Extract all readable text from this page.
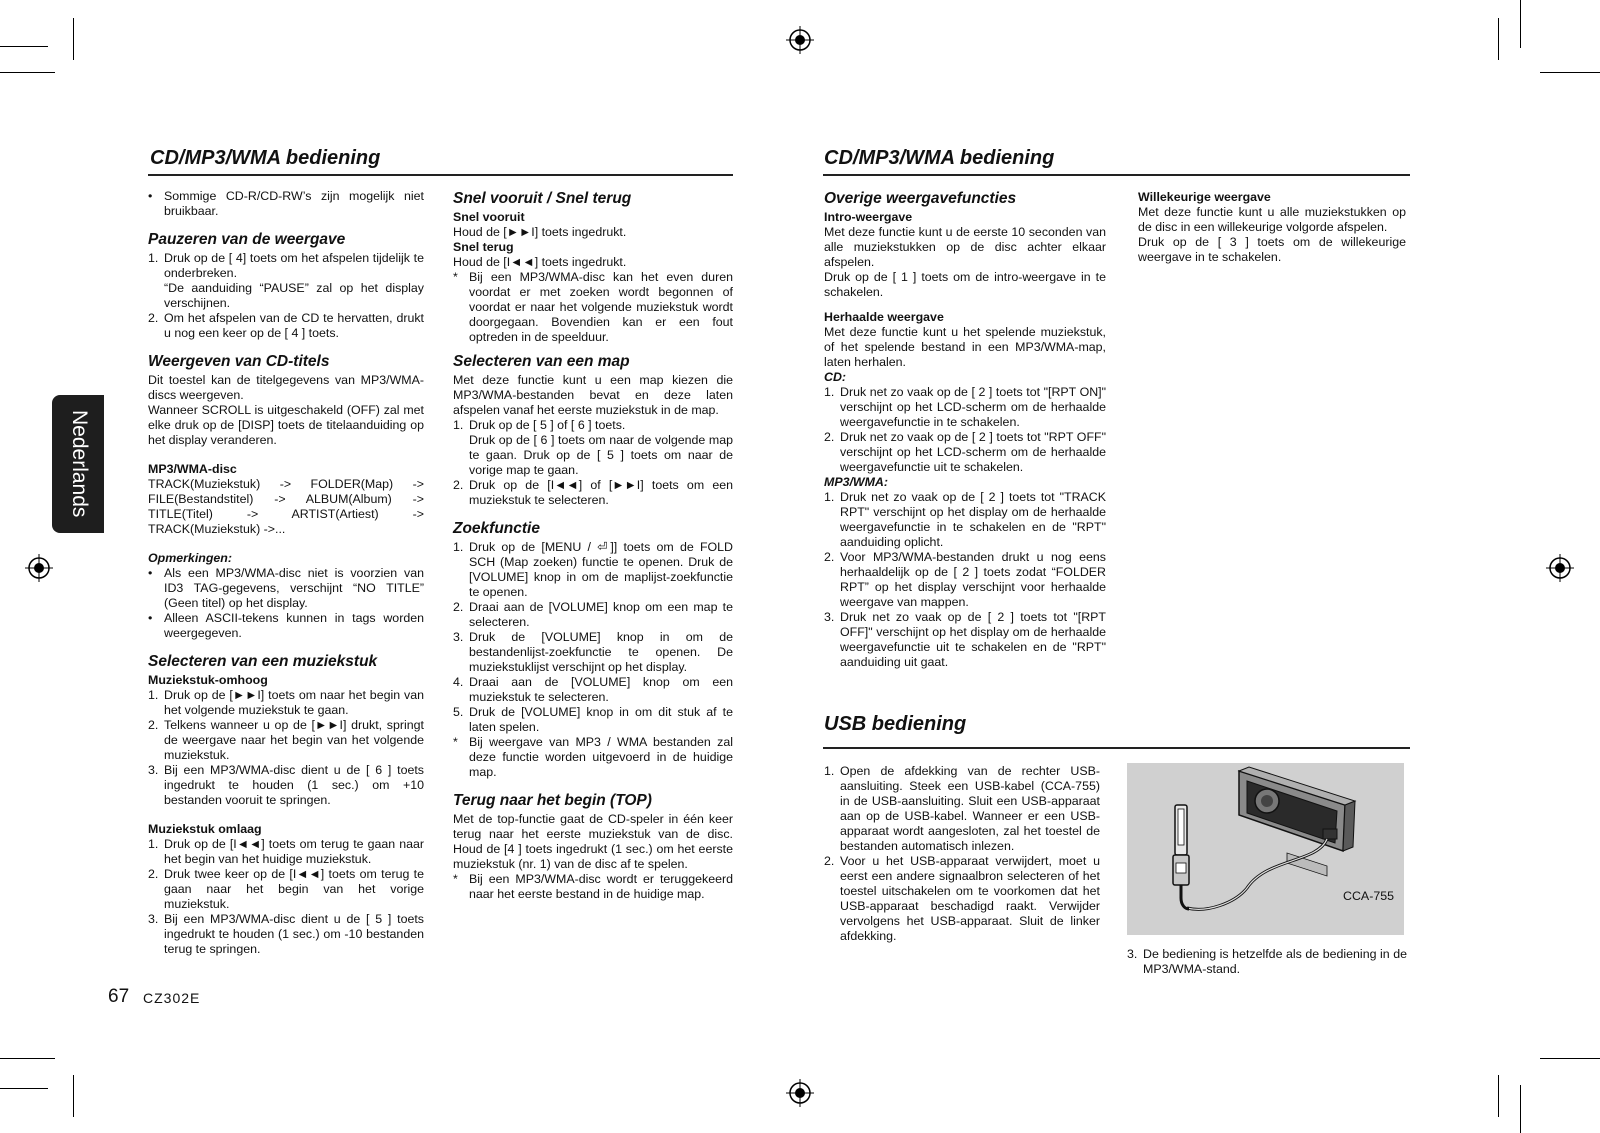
CD/MP3/WMA bediening	CD/MP3/WMA bediening
Nederlands
• Sommige CD-R/CD-RW’s zijn mogelijk niet bruikbaar.

Pauzeren van de weergave

1. Druk op de [ 4] toets om het afspelen tijdelijk te onderbreken.
“De aanduiding “PAUSE” zal op het display verschijnen.
2. Om het afspelen van de CD te hervatten, drukt u nog een keer op de [ 4 ] toets.

Weergeven van CD-titels

Dit toestel kan de titelgegevens van MP3/WMA-discs weergeven.

Wanneer SCROLL is uitgeschakeld (OFF) zal met elke druk op de [DISP] toets de titelaanduiding op het display veranderen.

MP3/WMA-disc

TRACK(Muziekstuk) -> FOLDER(Map) -> FILE(Bestandstitel) -> ALBUM(Album) -> TITLE(Titel) -> ARTIST(Artiest) -> TRACK(Muziekstuk) ->...

Opmerkingen:

• Als een MP3/WMA-disc niet is voorzien van ID3 TAG-gegevens, verschijnt “NO TITLE” (Geen titel) op het display.
• Alleen ASCII-tekens kunnen in tags worden weergegeven.

Selecteren van een muziekstuk

Muziekstuk-omhoog

1. Druk op de [►►I] toets om naar het begin van het volgende muziekstuk te gaan.
2. Telkens wanneer u op de [►►I] drukt, springt de weergave naar het begin van het volgende muziekstuk.
3. Bij een MP3/WMA-disc dient u de [ 6 ] toets ingedrukt te houden (1 sec.) om +10 bestanden vooruit te springen.

Muziekstuk omlaag

1. Druk op de [I◄◄] toets om terug te gaan naar het begin van het huidige muziekstuk.
2. Druk twee keer op de [I◄◄] toets om terug te gaan naar het begin van het vorige muziekstuk.
3. Bij een MP3/WMA-disc dient u de [ 5 ] toets ingedrukt te houden (1 sec.) om -10 bestanden terug te springen.

Snel vooruit / Snel terug

Snel vooruit

Houd de [►►I] toets ingedrukt.

Snel terug

Houd de [I◄◄] toets ingedrukt.

* Bij een MP3/WMA-disc kan het even duren voordat er met zoeken wordt begonnen of voordat er naar het volgende muziekstuk wordt doorgegaan. Bovendien kan er een fout optreden in de speelduur.

Selecteren van een map

Met deze functie kunt u een map kiezen die MP3/WMA-bestanden bevat en deze laten afspelen vanaf het eerste muziekstuk in de map.

1. Druk op de [ 5 ] of [ 6 ] toets.
Druk op de [ 6 ] toets om naar de volgende map te gaan. Druk op de [ 5 ] toets om naar de vorige map te gaan.
2. Druk op de [I◄◄] of [►►I] toets om een muziekstuk te selecteren.

Zoekfunctie

1. Druk op de [MENU / ⏎]] toets om de FOLD SCH (Map zoeken) functie te openen. Druk de [VOLUME] knop in om de maplijst-zoekfunctie te openen.
2. Draai aan de [VOLUME] knop om een map te selecteren.
3. Druk de [VOLUME] knop in om de bestandenlijst-zoekfunctie te openen. De muziekstuklijst verschijnt op het display.
4. Draai aan de [VOLUME] knop om een muziekstuk te selecteren.
5. Druk de [VOLUME] knop in om dit stuk af te laten spelen.
* Bij weergave van MP3 / WMA bestanden zal deze functie worden uitgevoerd in de huidige map.

Terug naar het begin (TOP)

Met de top-functie gaat de CD-speler in één keer terug naar het eerste muziekstuk van de disc. Houd de [4 ] toets ingedrukt (1 sec.) om het eerste muziekstuk (nr. 1) van de disc af te spelen.

* Bij een MP3/WMA-disc wordt er teruggekeerd naar het eerste bestand in de huidige map.

Overige weergavefuncties

Intro-weergave

Met deze functie kunt u de eerste 10 seconden van alle muziekstukken op de disc achter elkaar afspelen.

Druk op de [ 1 ] toets om de intro-weergave in te schakelen.

Herhaalde weergave

Met deze functie kunt u het spelende muziekstuk, of het spelende bestand in een MP3/WMA-map, laten herhalen.

CD:

1. Druk net zo vaak op de [ 2 ] toets tot "[RPT ON]" verschijnt op het LCD-scherm om de herhaalde weergavefunctie in te schakelen.
2. Druk net zo vaak op de [ 2 ] toets tot "RPT OFF" verschijnt op het LCD-scherm om de herhaalde weergavefunctie uit te schakelen.

MP3/WMA:

1. Druk net zo vaak op de [ 2 ] toets tot "TRACK RPT" verschijnt op het display om de herhaalde weergavefunctie in te schakelen en de "RPT" aanduiding oplicht.
2. Voor MP3/WMA-bestanden drukt u nog eens herhaaldelijk op de [ 2 ] toets zodat “FOLDER RPT” op het display verschijnt voor herhaalde weergave van mappen.
3. Druk net zo vaak op de [ 2 ] toets tot "[RPT OFF]" verschijnt op het display om de herhaalde weergavefunctie uit te schakelen en de "RPT" aanduiding uit gaat.

Willekeurige weergave

Met deze functie kunt u alle muziekstukken op de disc in een willekeurige volgorde afspelen.

Druk op de [ 3 ] toets om de willekeurige weergave in te schakelen.

USB bediening
1. Open de afdekking van de rechter USB-aansluiting. Steek een USB-kabel (CCA-755) in de USB-aansluiting. Sluit een USB-apparaat aan op de USB-kabel. Wanneer er een USB-apparaat wordt aangesloten, zal het toestel de bestanden automatisch inlezen.
2. Voor u het USB-apparaat verwijdert, moet u eerst een andere signaalbron selecteren of het toestel uitschakelen om te voorkomen dat het USB-apparaat beschadigd raakt. Verwijder vervolgens het USB-apparaat. Sluit de linker afdekking.
CCA-755
3. De bediening is hetzelfde als de bediening in de MP3/WMA-stand.
67 CZ302E
